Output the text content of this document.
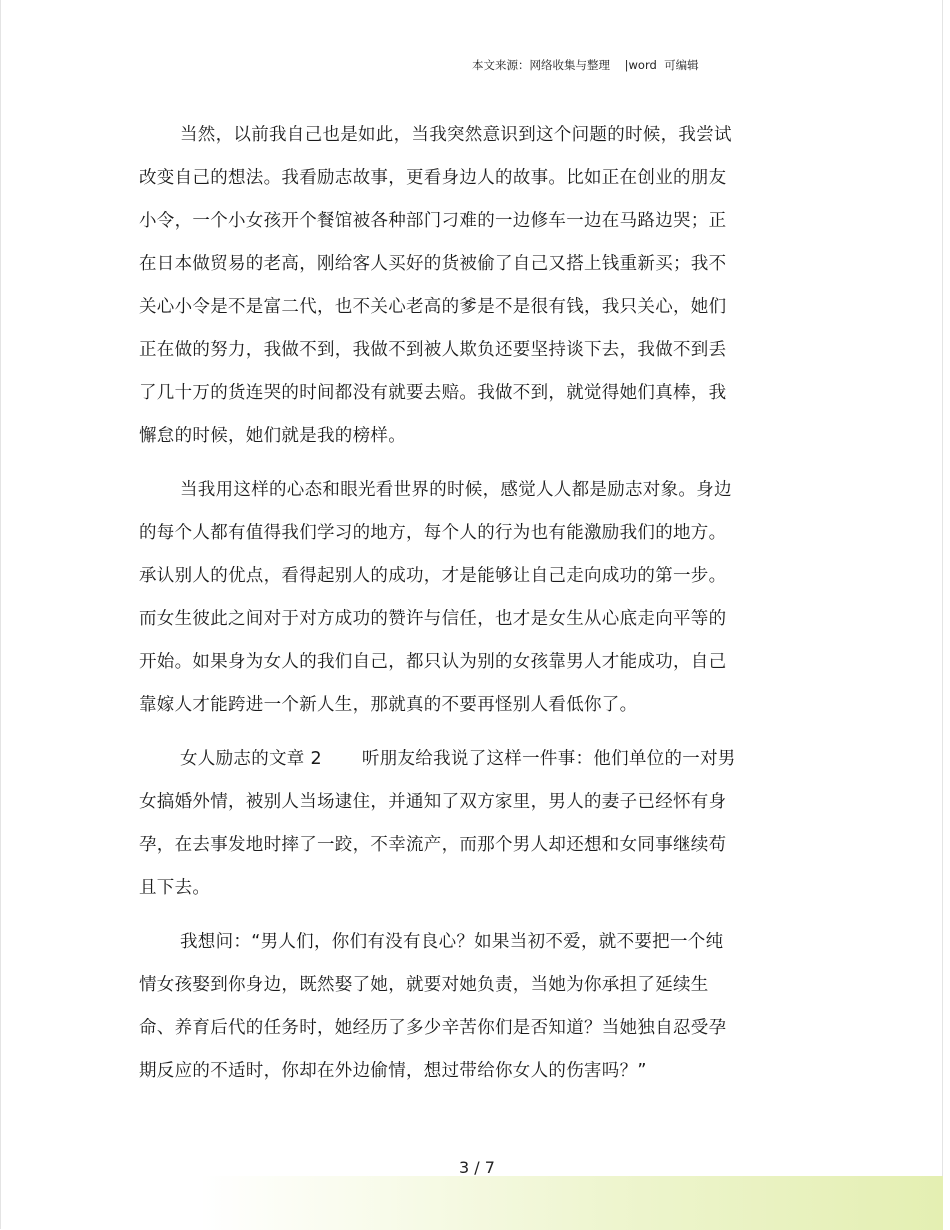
本文来源：网络收集与整理 |word  可编辑
当然，以前我自己也是如此，当我突然意识到这个问题的时候，我尝试
改变自己的想法。我看励志故事，更看身边人的故事。比如正在创业的朋友
小令，一个小女孩开个餐馆被各种部门刁难的一边修车一边在马路边哭；正
在日本做贸易的老高，刚给客人买好的货被偷了自己又搭上钱重新买；我不
关心小令是不是富二代，也不关心老高的爹是不是很有钱，我只关心，她们
正在做的努力，我做不到，我做不到被人欺负还要坚持谈下去，我做不到丢
了几十万的货连哭的时间都没有就要去赔。我做不到，就觉得她们真棒，我
懈怠的时候，她们就是我的榜样。
当我用这样的心态和眼光看世界的时候，感觉人人都是励志对象。身边
的每个人都有值得我们学习的地方，每个人的行为也有能激励我们的地方。
承认别人的优点，看得起别人的成功，才是能够让自己走向成功的第一步。
而女生彼此之间对于对方成功的赞许与信任，也才是女生从心底走向平等的
开始。如果身为女人的我们自己，都只认为别的女孩靠男人才能成功，自己
靠嫁人才能跨进一个新人生，那就真的不要再怪别人看低你了。
女人励志的文章 2 听朋友给我说了这样一件事：他们单位的一对男
女搞婚外情，被别人当场逮住，并通知了双方家里，男人的妻子已经怀有身
孕，在去事发地时摔了一跤，不幸流产，而那个男人却还想和女同事继续苟
且下去。
我想问：“男人们，你们有没有良心？如果当初不爱，就不要把一个纯
情女孩娶到你身边，既然娶了她，就要对她负责，当她为你承担了延续生
命、养育后代的任务时，她经历了多少辛苦你们是否知道？当她独自忍受孕
期反应的不适时，你却在外边偷情，想过带给你女人的伤害吗？”
3 / 7
